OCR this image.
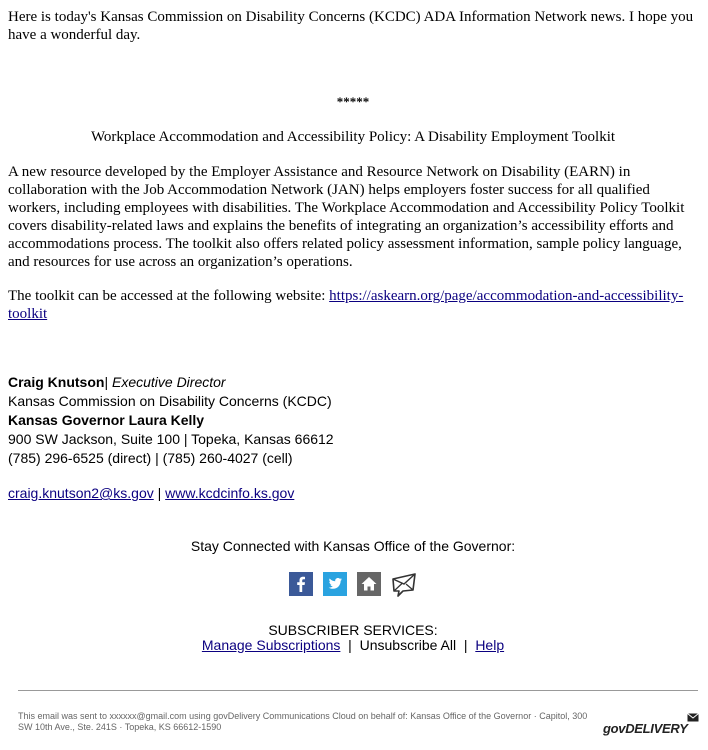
Here is today's Kansas Commission on Disability Concerns (KCDC) ADA Information Network news. I hope you have a wonderful day.

*****
Workplace Accommodation and Accessibility Policy: A Disability Employment Toolkit

A new resource developed by the Employer Assistance and Resource Network on Disability (EARN) in collaboration with the Job Accommodation Network (JAN) helps employers foster success for all qualified workers, including employees with disabilities. The Workplace Accommodation and Accessibility Policy Toolkit covers disability-related laws and explains the benefits of integrating an organization’s accessibility efforts and accommodations process. The toolkit also offers related policy assessment information, sample policy language, and resources for use across an organization’s operations.

The toolkit can be accessed at the following website: https://askearn.org/page/accommodation-and-accessibility-toolkit

Craig Knutson| Executive Director
Kansas Commission on Disability Concerns (KCDC)
Kansas Governor Laura Kelly
900 SW Jackson, Suite 100 | Topeka, Kansas 66612
(785) 296-6525 (direct) | (785) 260-4027 (cell)
craig.knutson2@ks.gov | www.kcdcinfo.ks.gov
Stay Connected with Kansas Office of the Governor:

SUBSCRIBER SERVICES:
Manage Subscriptions  |  Unsubscribe All  |  Help
This email was sent to xxxxxx@gmail.com using govDelivery Communications Cloud on behalf of: Kansas Office of the Governor · Capitol, 300 SW 10th Ave., Ste. 241S · Topeka, KS 66612-1590	govDELIVERY
